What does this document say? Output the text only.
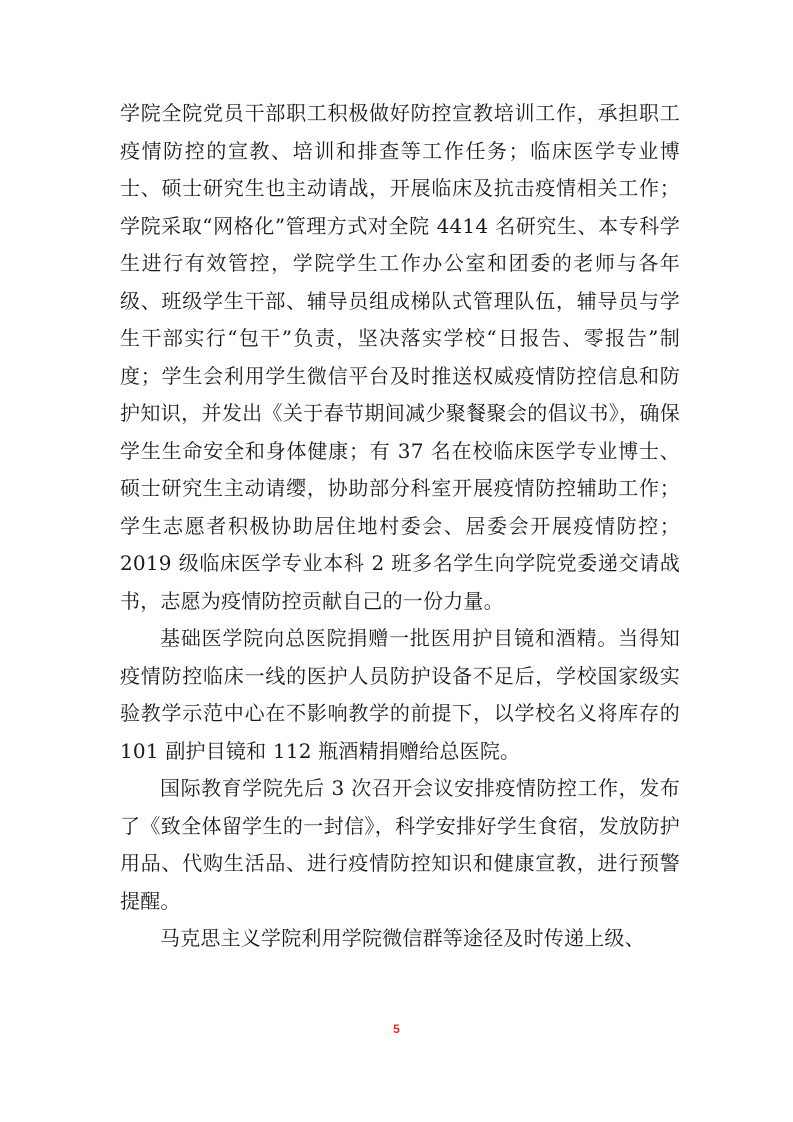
学院全院党员干部职工积极做好防控宣教培训工作，承担职工疫情防控的宣教、培训和排查等工作任务；临床医学专业博士、硕士研究生也主动请战，开展临床及抗击疫情相关工作；学院采取“网格化”管理方式对全院 4414 名研究生、本专科学生进行有效管控，学院学生工作办公室和团委的老师与各年级、班级学生干部、辅导员组成梯队式管理队伍，辅导员与学生干部实行“包干”负责，坚决落实学校“日报告、零报告”制度；学生会利用学生微信平台及时推送权威疫情防控信息和防护知识，并发出《关于春节期间减少聚餐聚会的倡议书》，确保学生生命安全和身体健康；有 37 名在校临床医学专业博士、硕士研究生主动请缨，协助部分科室开展疫情防控辅助工作；学生志愿者积极协助居住地村委会、居委会开展疫情防控；2019 级临床医学专业本科 2 班多名学生向学院党委递交请战书，志愿为疫情防控贡献自己的一份力量。

基础医学院向总医院捐赠一批医用护目镜和酒精。当得知疫情防控临床一线的医护人员防护设备不足后，学校国家级实验教学示范中心在不影响教学的前提下，以学校名义将库存的 101 副护目镜和 112 瓶酒精捐赠给总医院。

国际教育学院先后 3 次召开会议安排疫情防控工作，发布了《致全体留学生的一封信》，科学安排好学生食宿，发放防护用品、代购生活品、进行疫情防控知识和健康宣教，进行预警提醒。

马克思主义学院利用学院微信群等途径及时传递上级、

5
